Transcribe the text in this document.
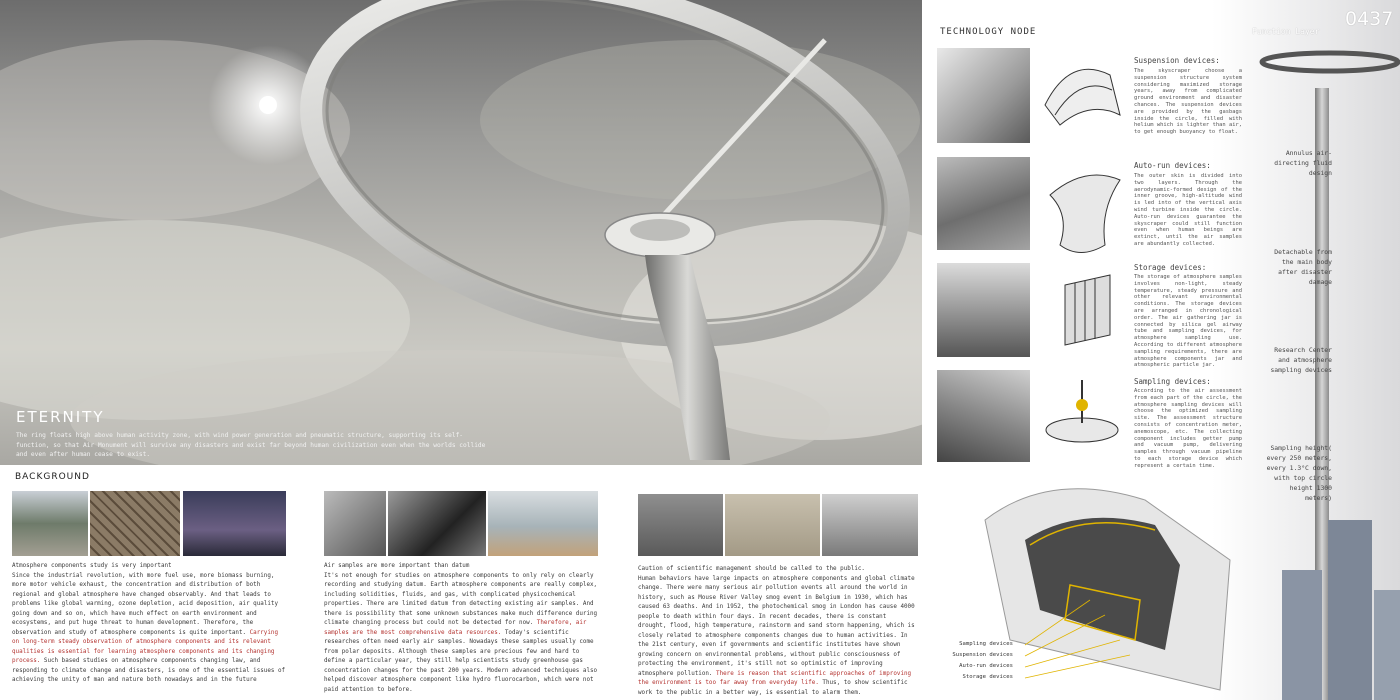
ETERNITY
The ring floats high above human activity zone, with wind power generation and pneumatic structure, supporting its self-function, so that Air Monument will survive any disasters and exist far beyond human civilization even when the worlds collide and even after human cease to exist.
0437
Function Layer
TECHNOLOGY NODE
Suspension devices:
The skyscraper choose a suspension structure system considering maximized storage years, away from complicated ground environment and disaster chances. The suspension devices are provided by the gasbags inside the circle, filled with helium which is lighter than air, to get enough buoyancy to float.
Auto-run devices:
The outer skin is divided into two layers. Through the aerodynamic-formed design of the inner groove, high-altitude wind is led into of the vertical axis wind turbine inside the circle. Auto-run devices guarantee the skyscraper could still function even when human beings are extinct, until the air samples are abundantly collected.
Storage devices:
The storage of atmosphere samples involves non-light, steady temperature, steady pressure and other relevant environmental conditions. The storage devices are arranged in chronological order. The air gathering jar is connected by silica gel airway tube and sampling devices, for atmosphere sampling use. According to different atmosphere sampling requirements, there are atmosphere components jar and atmospheric particle jar.
Sampling devices:
According to the air assessment from each part of the circle, the atmosphere sampling devices will choose the optimized sampling site. The assessment structure consists of concentration meter, anemoscope, etc. The collecting component includes getter pump and vacuum pump, delivering samples through vacuum pipeline to each storage device which represent a certain time.
Annulus air-directing fluid design
Detachable from the main body after disaster damage
Research Center and atmosphere sampling devices
Sampling height( every 250 meters, every 1.3°C down, with top circle height 1300 meters)
Sampling devices
Suspension devices
Auto-run devices
Storage devices
BACKGROUND
Atmosphere components study is very important
Since the industrial revolution, with more fuel use, more biomass burning, more motor vehicle exhaust, the concentration and distribution of both regional and global atmosphere have changed observably. And that leads to problems like global warming, ozone depletion, acid deposition, air quality going down and so on, which have much effect on earth environment and ecosystems, and put huge threat to human development. Therefore, the observation and study of atmosphere components is quite important. Carrying on long-term steady observation of atmosphere components and its relevant qualities is essential for learning atmosphere components and its changing process. Such based studies on atmosphere components changing law, and responding to climate change and disasters, is one of the essential issues of achieving the unity of man and nature both nowadays and in the future
Air samples are more important than datum
It's not enough for studies on atmosphere components to only rely on clearly recording and studying datum. Earth atmosphere components are really complex, including solidities, fluids, and gas, with complicated physicochemical properties. There are limited datum from detecting existing air samples. And there is possibility that some unknown substances make much difference during climate changing process but could not be detected for now. Therefore, air samples are the most comprehensive data resources. Today's scientific researches often need early air samples. Nowadays these samples usually come from polar deposits. Although these samples are precious few and hard to define a particular year, they still help scientists study greenhouse gas concentration changes for the past 200 years. Modern advanced techniques also helped discover atmosphere component like hydro fluorocarbon, which were not paid attention to before.
Caution of scientific management should be called to the public.
Human behaviors have large impacts on atmosphere components and global climate change. There were many serious air pollution events all around the world in history, such as Mouse River Valley smog event in Belgium in 1930, which has caused 63 deaths. And in 1952, the photochemical smog in London has cause 4000 people to death within four days. In recent decades, there is constant drought, flood, high temperature, rainstorm and sand storm happening, which is closely related to atmosphere components changes due to human activities. In the 21st century, even if governments and scientific institutes have shown growing concern on environmental problems, without public consciousness of protecting the environment, it's still not so optimistic of improving atmosphere pollution. There is reason that scientific approaches of improving the environment is too far away from everyday life. Thus, to show scientific work to the public in a better way, is essential to alarm them.
